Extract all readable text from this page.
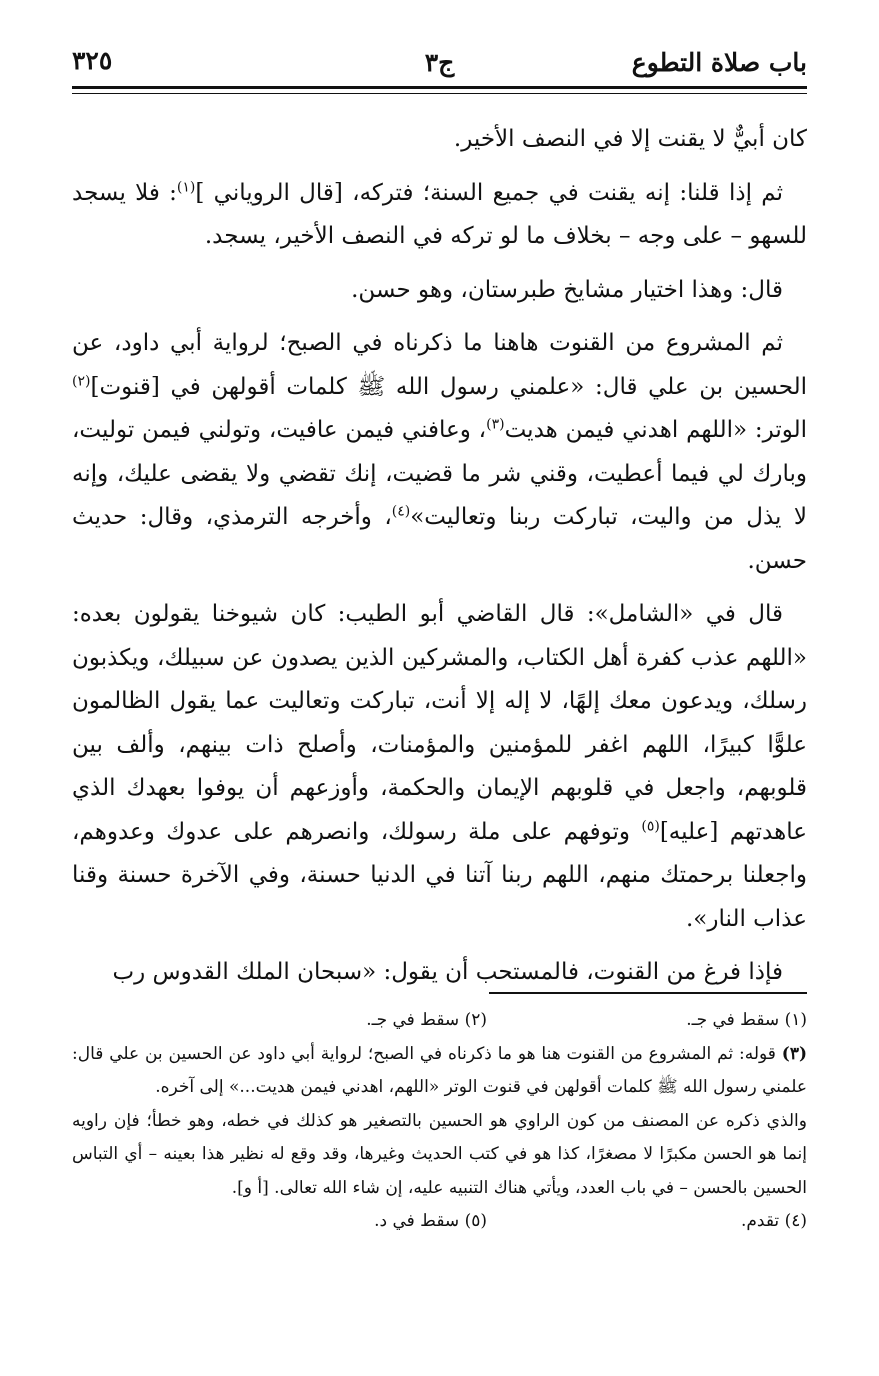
باب صلاة التطوع
ج٣
٣٢٥

كان أبيٌّ لا يقنت إلا في النصف الأخير.

ثم إذا قلنا: إنه يقنت في جميع السنة؛ فتركه، [قال الروياني ]$^{(١)}$: فلا يسجد للسهو – على وجه – بخلاف ما لو تركه في النصف الأخير، يسجد.

قال: وهذا اختيار مشايخ طبرستان، وهو حسن.

ثم المشروع من القنوت هاهنا ما ذكرناه في الصبح؛ لرواية أبي داود، عن الحسين بن علي قال: «علمني رسول الله ﷺ كلمات أقولهن في [قنوت]$^{(٢)}$ الوتر: «اللهم اهدني فيمن هديت$^{(٣)}$، وعافني فيمن عافيت، وتولني فيمن توليت، وبارك لي فيما أعطيت، وقني شر ما قضيت، إنك تقضي ولا يقضى عليك، وإنه لا يذل من واليت، تباركت ربنا وتعاليت»$^{(٤)}$، وأخرجه الترمذي، وقال: حديث حسن.

قال في «الشامل»: قال القاضي أبو الطيب: كان شيوخنا يقولون بعده: «اللهم عذب كفرة أهل الكتاب، والمشركين الذين يصدون عن سبيلك، ويكذبون رسلك، ويدعون معك إلهًا، لا إله إلا أنت، تباركت وتعاليت عما يقول الظالمون علوًّا كبيرًا، اللهم اغفر للمؤمنين والمؤمنات، وأصلح ذات بينهم، وألف بين قلوبهم، واجعل في قلوبهم الإيمان والحكمة، وأوزعهم أن يوفوا بعهدك الذي عاهدتهم [عليه]$^{(٥)}$ وتوفهم على ملة رسولك، وانصرهم على عدوك وعدوهم، واجعلنا برحمتك منهم، اللهم ربنا آتنا في الدنيا حسنة، وفي الآخرة حسنة وقنا عذاب النار».

فإذا فرغ من القنوت، فالمستحب أن يقول: «سبحان الملك القدوس رب

(١) سقط في جـ.
(٢) سقط في جـ.
(٣) قوله: ثم المشروع من القنوت هنا هو ما ذكرناه في الصبح؛ لرواية أبي داود عن الحسين بن علي قال: علمني رسول الله ﷺ كلمات أقولهن في قنوت الوتر «اللهم، اهدني فيمن هديت...» إلى آخره.
والذي ذكره عن المصنف من كون الراوي هو الحسين بالتصغير هو كذلك في خطه، وهو خطأ؛ فإن راويه إنما هو الحسن مكبرًا لا مصغرًا، كذا هو في كتب الحديث وغيرها، وقد وقع له نظير هذا بعينه – أي التباس الحسين بالحسن – في باب العدد، ويأتي هناك التنبيه عليه، إن شاء الله تعالى. [أ و].
(٤) تقدم.
(٥) سقط في د.
